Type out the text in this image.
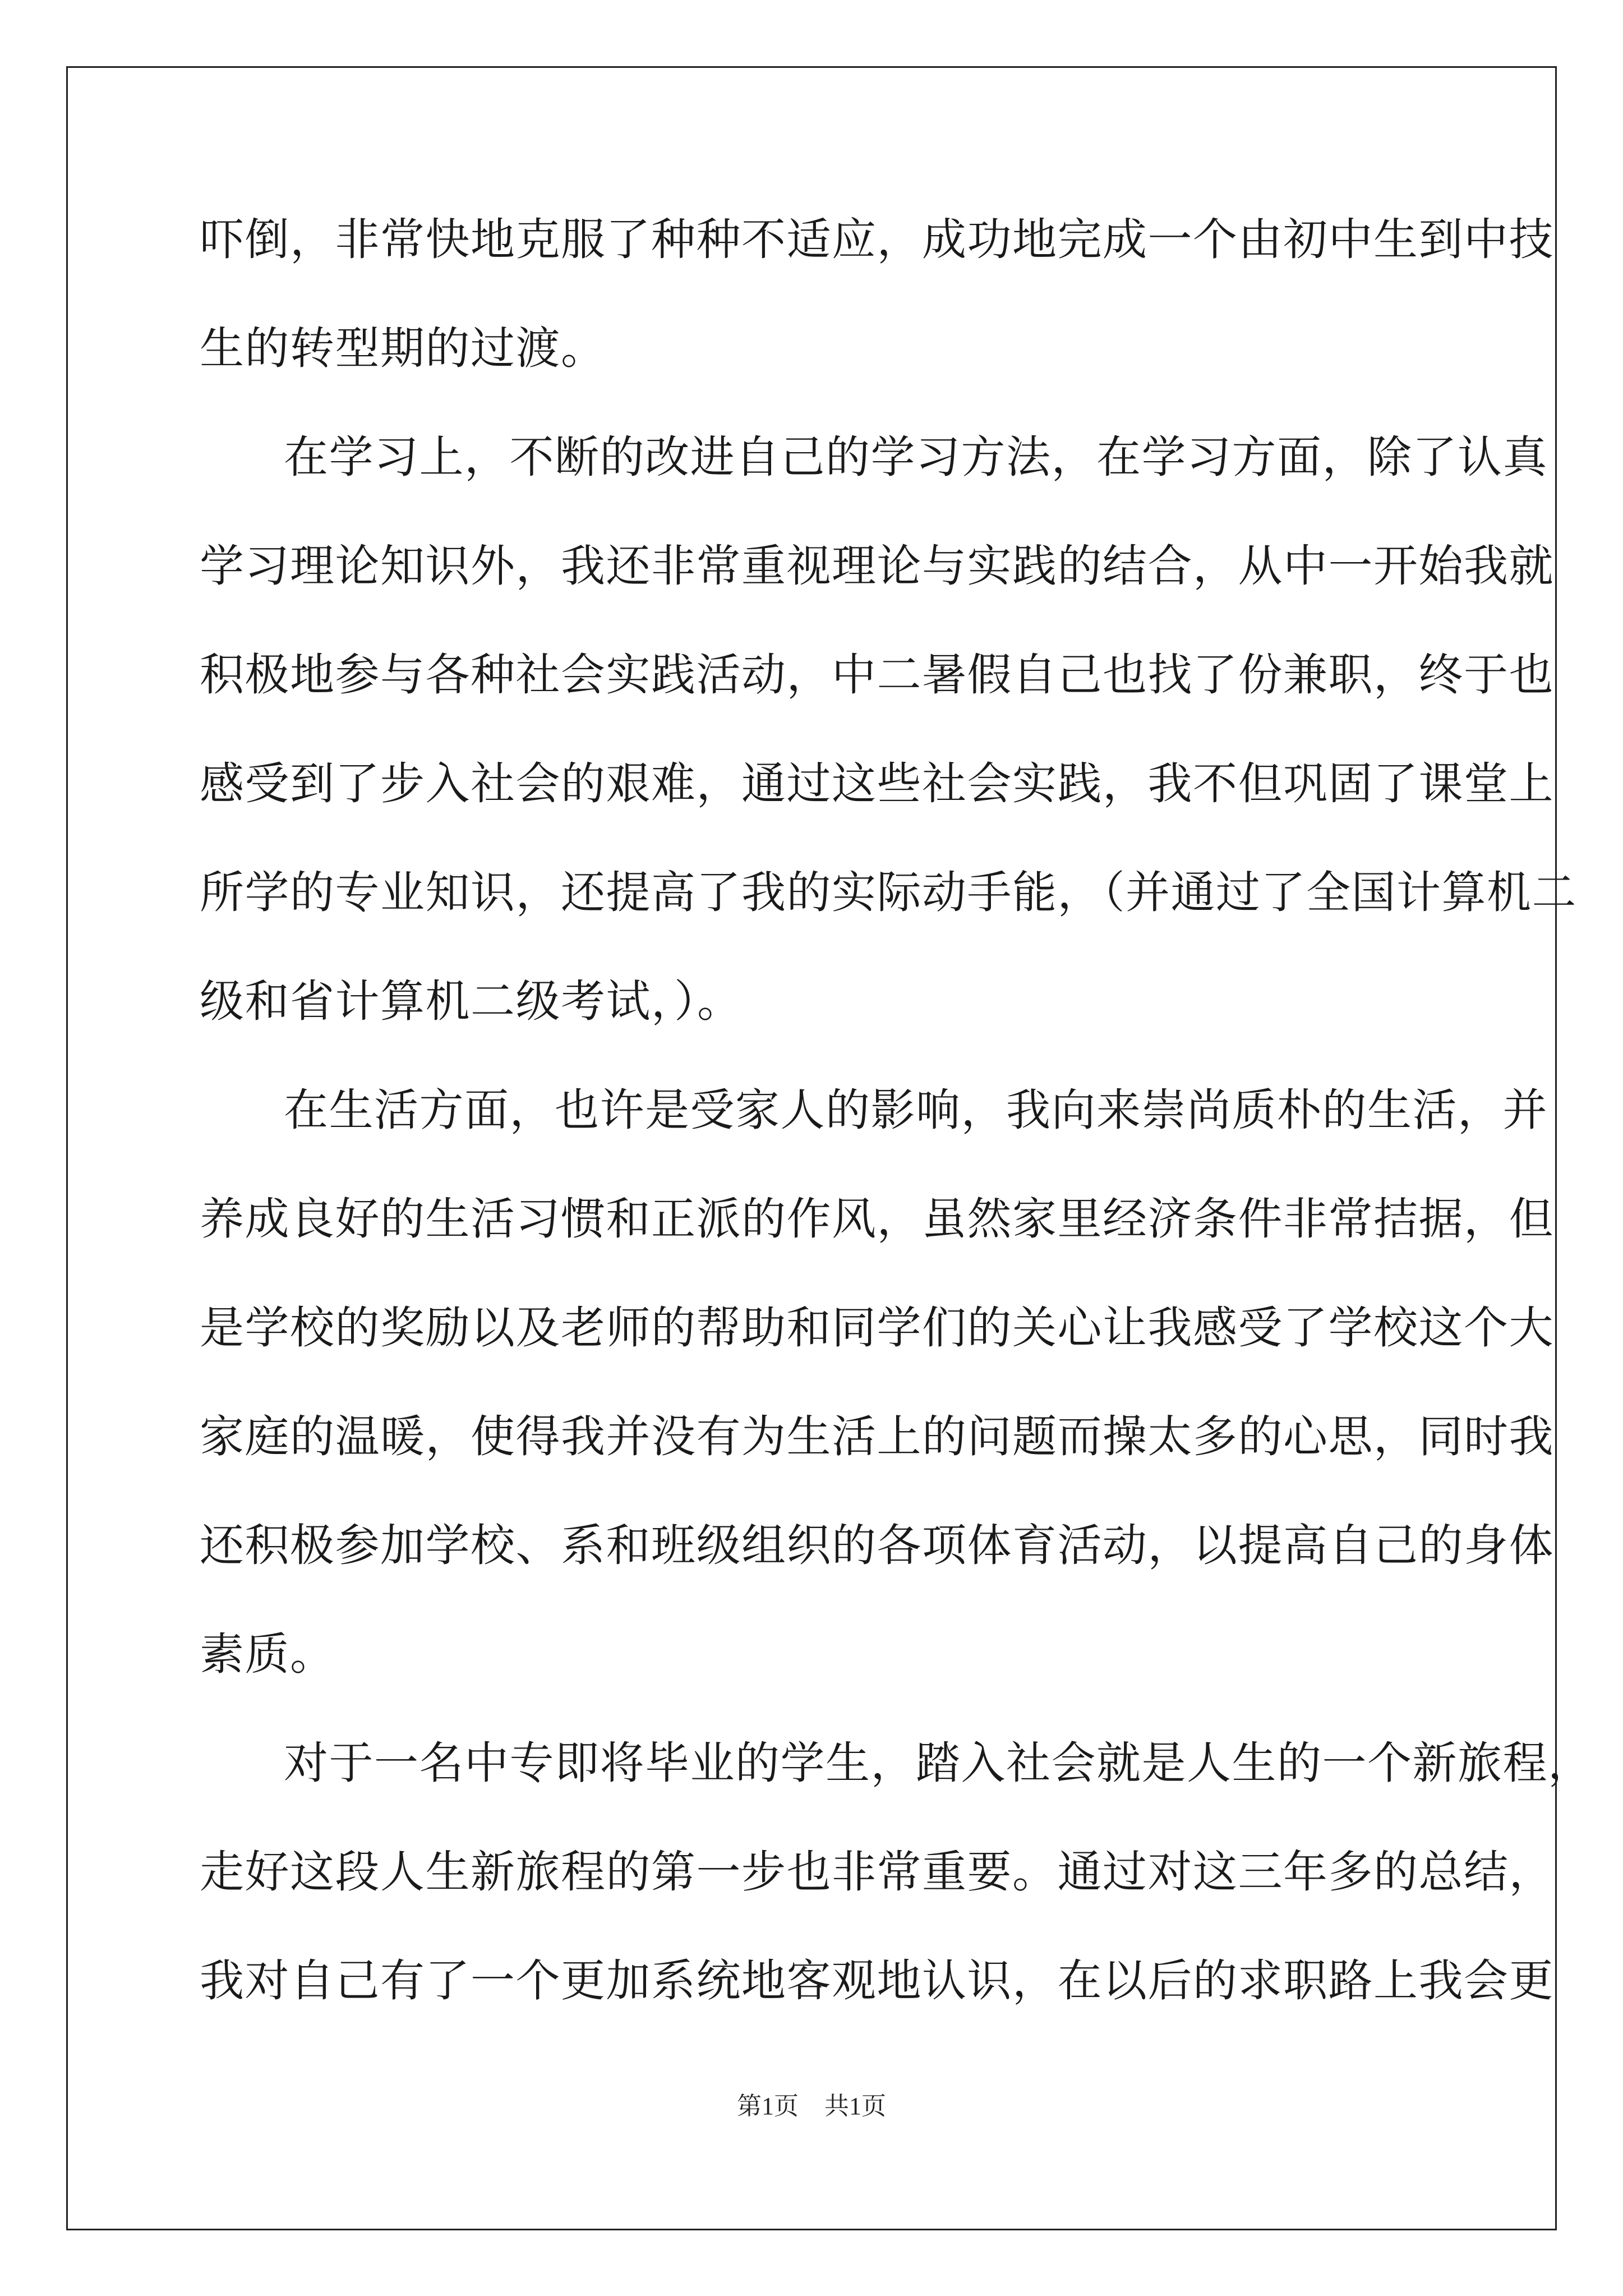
吓倒，非常快地克服了种种不适应，成功地完成一个由初中生到中技
生的转型期的过渡。
在学习上，不断的改进自己的学习方法，在学习方面，除了认真
学习理论知识外，我还非常重视理论与实践的结合，从中一开始我就
积极地参与各种社会实践活动，中二暑假自己也找了份兼职，终于也
感受到了步入社会的艰难，通过这些社会实践，我不但巩固了课堂上
所学的专业知识，还提高了我的实际动手能，（并通过了全国计算机二
级和省计算机二级考试，）。
在生活方面，也许是受家人的影响，我向来崇尚质朴的生活，并
养成良好的生活习惯和正派的作风，虽然家里经济条件非常拮据，但
是学校的奖励以及老师的帮助和同学们的关心让我感受了学校这个大
家庭的温暖，使得我并没有为生活上的问题而操太多的心思，同时我
还积极参加学校、系和班级组织的各项体育活动，以提高自己的身体
素质。
对于一名中专即将毕业的学生，踏入社会就是人生的一个新旅程，
走好这段人生新旅程的第一步也非常重要。通过对这三年多的总结，
我对自己有了一个更加系统地客观地认识，在以后的求职路上我会更
第1页 共1页
